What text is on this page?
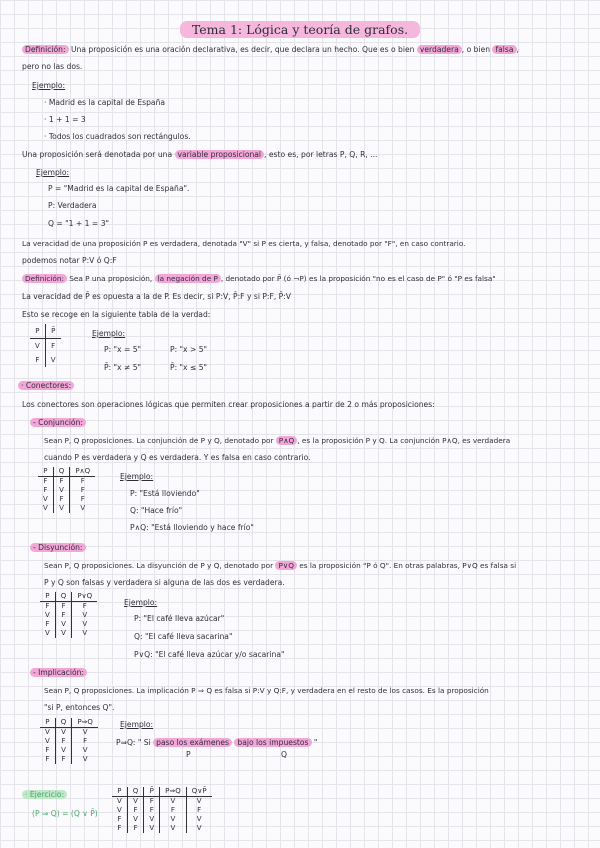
Tema 1: Lógica y teoría de grafos.
Definición: Una proposición es una oración declarativa, es decir, que declara un hecho. Que es o bien verdadera , o bien falsa ,
pero no las dos.
Ejemplo:
· Madrid es la capital de España
· 1 + 1 = 3
· Todos los cuadrados son rectángulos.
Una proposición será denotada por una variable proposicional , esto es, por letras P, Q, R, ...
Ejemplo:
P = "Madrid es la capital de España".
P: Verdadera
Q = "1 + 1 = 3"
La veracidad de una proposición P es verdadera, denotada "V" si P es cierta, y falsa, denotado por "F", en caso contrario.
podemos notar P:V ó Q:F
Definición: Sea P una proposición, la negación de P , denotado por P̄ (ó ¬P) es la proposición "no es el caso de P" ó "P es falsa"
La veracidad de P̄ es opuesta a la de P. Es decir, si P:V, P̄:F y si P:F, P̄:V
Esto se recoge en la siguiente tabla de la verdad:
P	P̄
V	F
F	V
Ejemplo:
P: "x = 5"	P: "x > 5"
P̄: "x ≠ 5"	P̄: "x ≤ 5"
· Conectores:
Los conectores son operaciones lógicas que permiten crear proposiciones a partir de 2 o más proposiciones:
- Conjunción:
Sean P, Q proposiciones. La conjunción de P y Q, denotado por P∧Q , es la proposición P y Q. La conjunción P∧Q, es verdadera
cuando P es verdadera y Q es verdadera. Y es falsa en caso contrario.
P	Q	P∧Q
F	F	F
F	V	F
V	F	F
V	V	V
Ejemplo:
P: "Está lloviendo"
Q: "Hace frío"
P∧Q: "Está lloviendo y hace frío"
- Disyunción:
Sean P, Q proposiciones. La disyunción de P y Q, denotado por P∨Q es la proposición "P ó Q". En otras palabras, P∨Q es falsa si
P y Q son falsas y verdadera si alguna de las dos es verdadera.
P	Q	P∨Q
F	F	F
V	F	V
F	V	V
V	V	V
Ejemplo:
P: "El café lleva azúcar"
Q: "El café lleva sacarina"
P∨Q: "El café lleva azúcar y/o sacarina"
- Implicación:
Sean P, Q proposiciones. La implicación P ⇒ Q es falsa si P:V y Q:F, y verdadera en el resto de los casos. Es la proposición
"si P, entonces Q".
P	Q	P⇒Q
V	V	V
V	F	F
F	V	V
F	F	V
Ejemplo:
P⇒Q: " Si paso los exámenes bajo los impuestos "
P	Q
· Ejercicio:
(P ⇒ Q) = (Q ∨ P̄)
P	Q	P̄	P⇒Q	Q∨P̄
V	V	F	V	V
V	F	F	F	F
F	V	V	V	V
F	F	V	V	V
